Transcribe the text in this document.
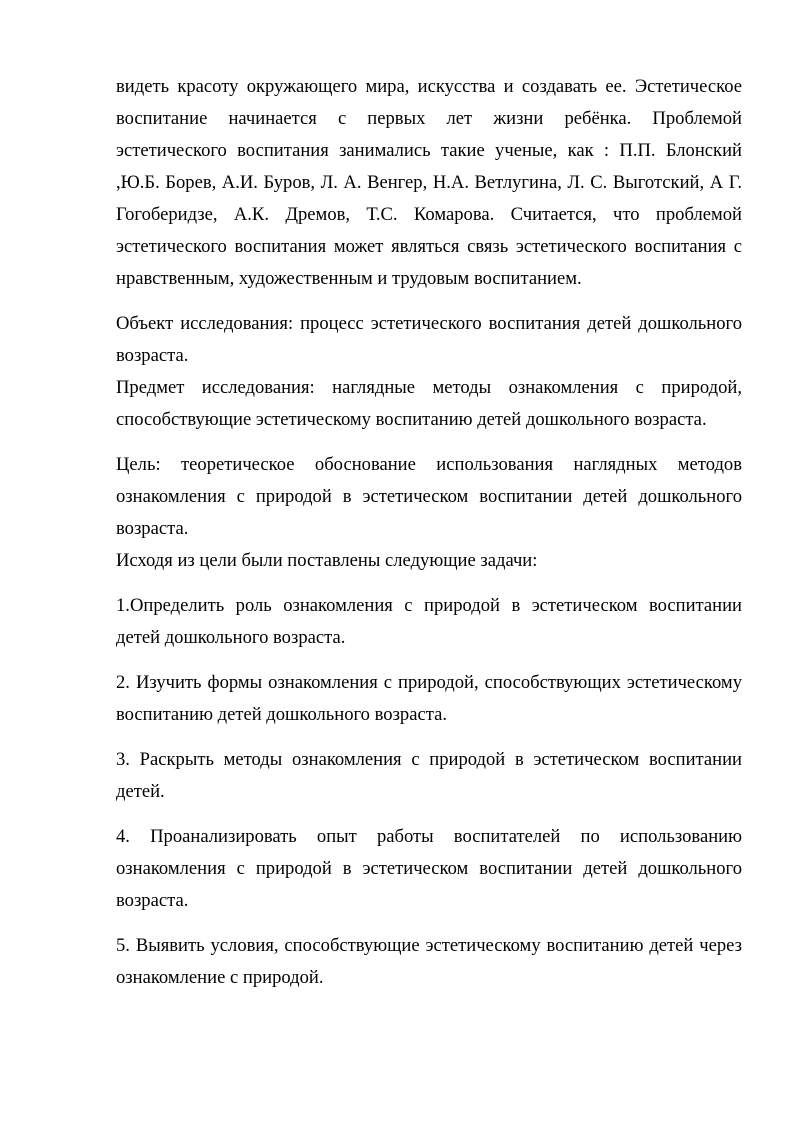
видеть красоту окружающего мира, искусства и создавать ее. Эстетическое воспитание начинается с первых лет жизни ребёнка. Проблемой эстетического воспитания занимались такие ученые, как : П.П. Блонский ,Ю.Б. Борев, А.И. Буров, Л. А. Венгер, Н.А. Ветлугина, Л. С. Выготский, А Г. Гогоберидзе, А.К. Дремов, Т.С. Комарова. Считается, что проблемой эстетического воспитания может являться связь эстетического воспитания с нравственным, художественным и трудовым воспитанием.

Объект исследования: процесс эстетического воспитания детей дошкольного возраста.

Предмет исследования: наглядные методы ознакомления с природой, способствующие эстетическому воспитанию детей дошкольного возраста.

Цель: теоретическое обоснование использования наглядных методов ознакомления с природой в эстетическом воспитании детей дошкольного возраста.

Исходя из цели были поставлены следующие задачи:

1.Определить роль ознакомления с природой в эстетическом воспитании детей дошкольного возраста.

2. Изучить формы ознакомления с природой, способствующих эстетическому воспитанию детей дошкольного возраста.

3. Раскрыть методы ознакомления с природой в эстетическом воспитании детей.

4. Проанализировать опыт работы воспитателей по использованию ознакомления с природой в эстетическом воспитании детей дошкольного возраста.

5. Выявить условия, способствующие эстетическому воспитанию детей через ознакомление с природой.
